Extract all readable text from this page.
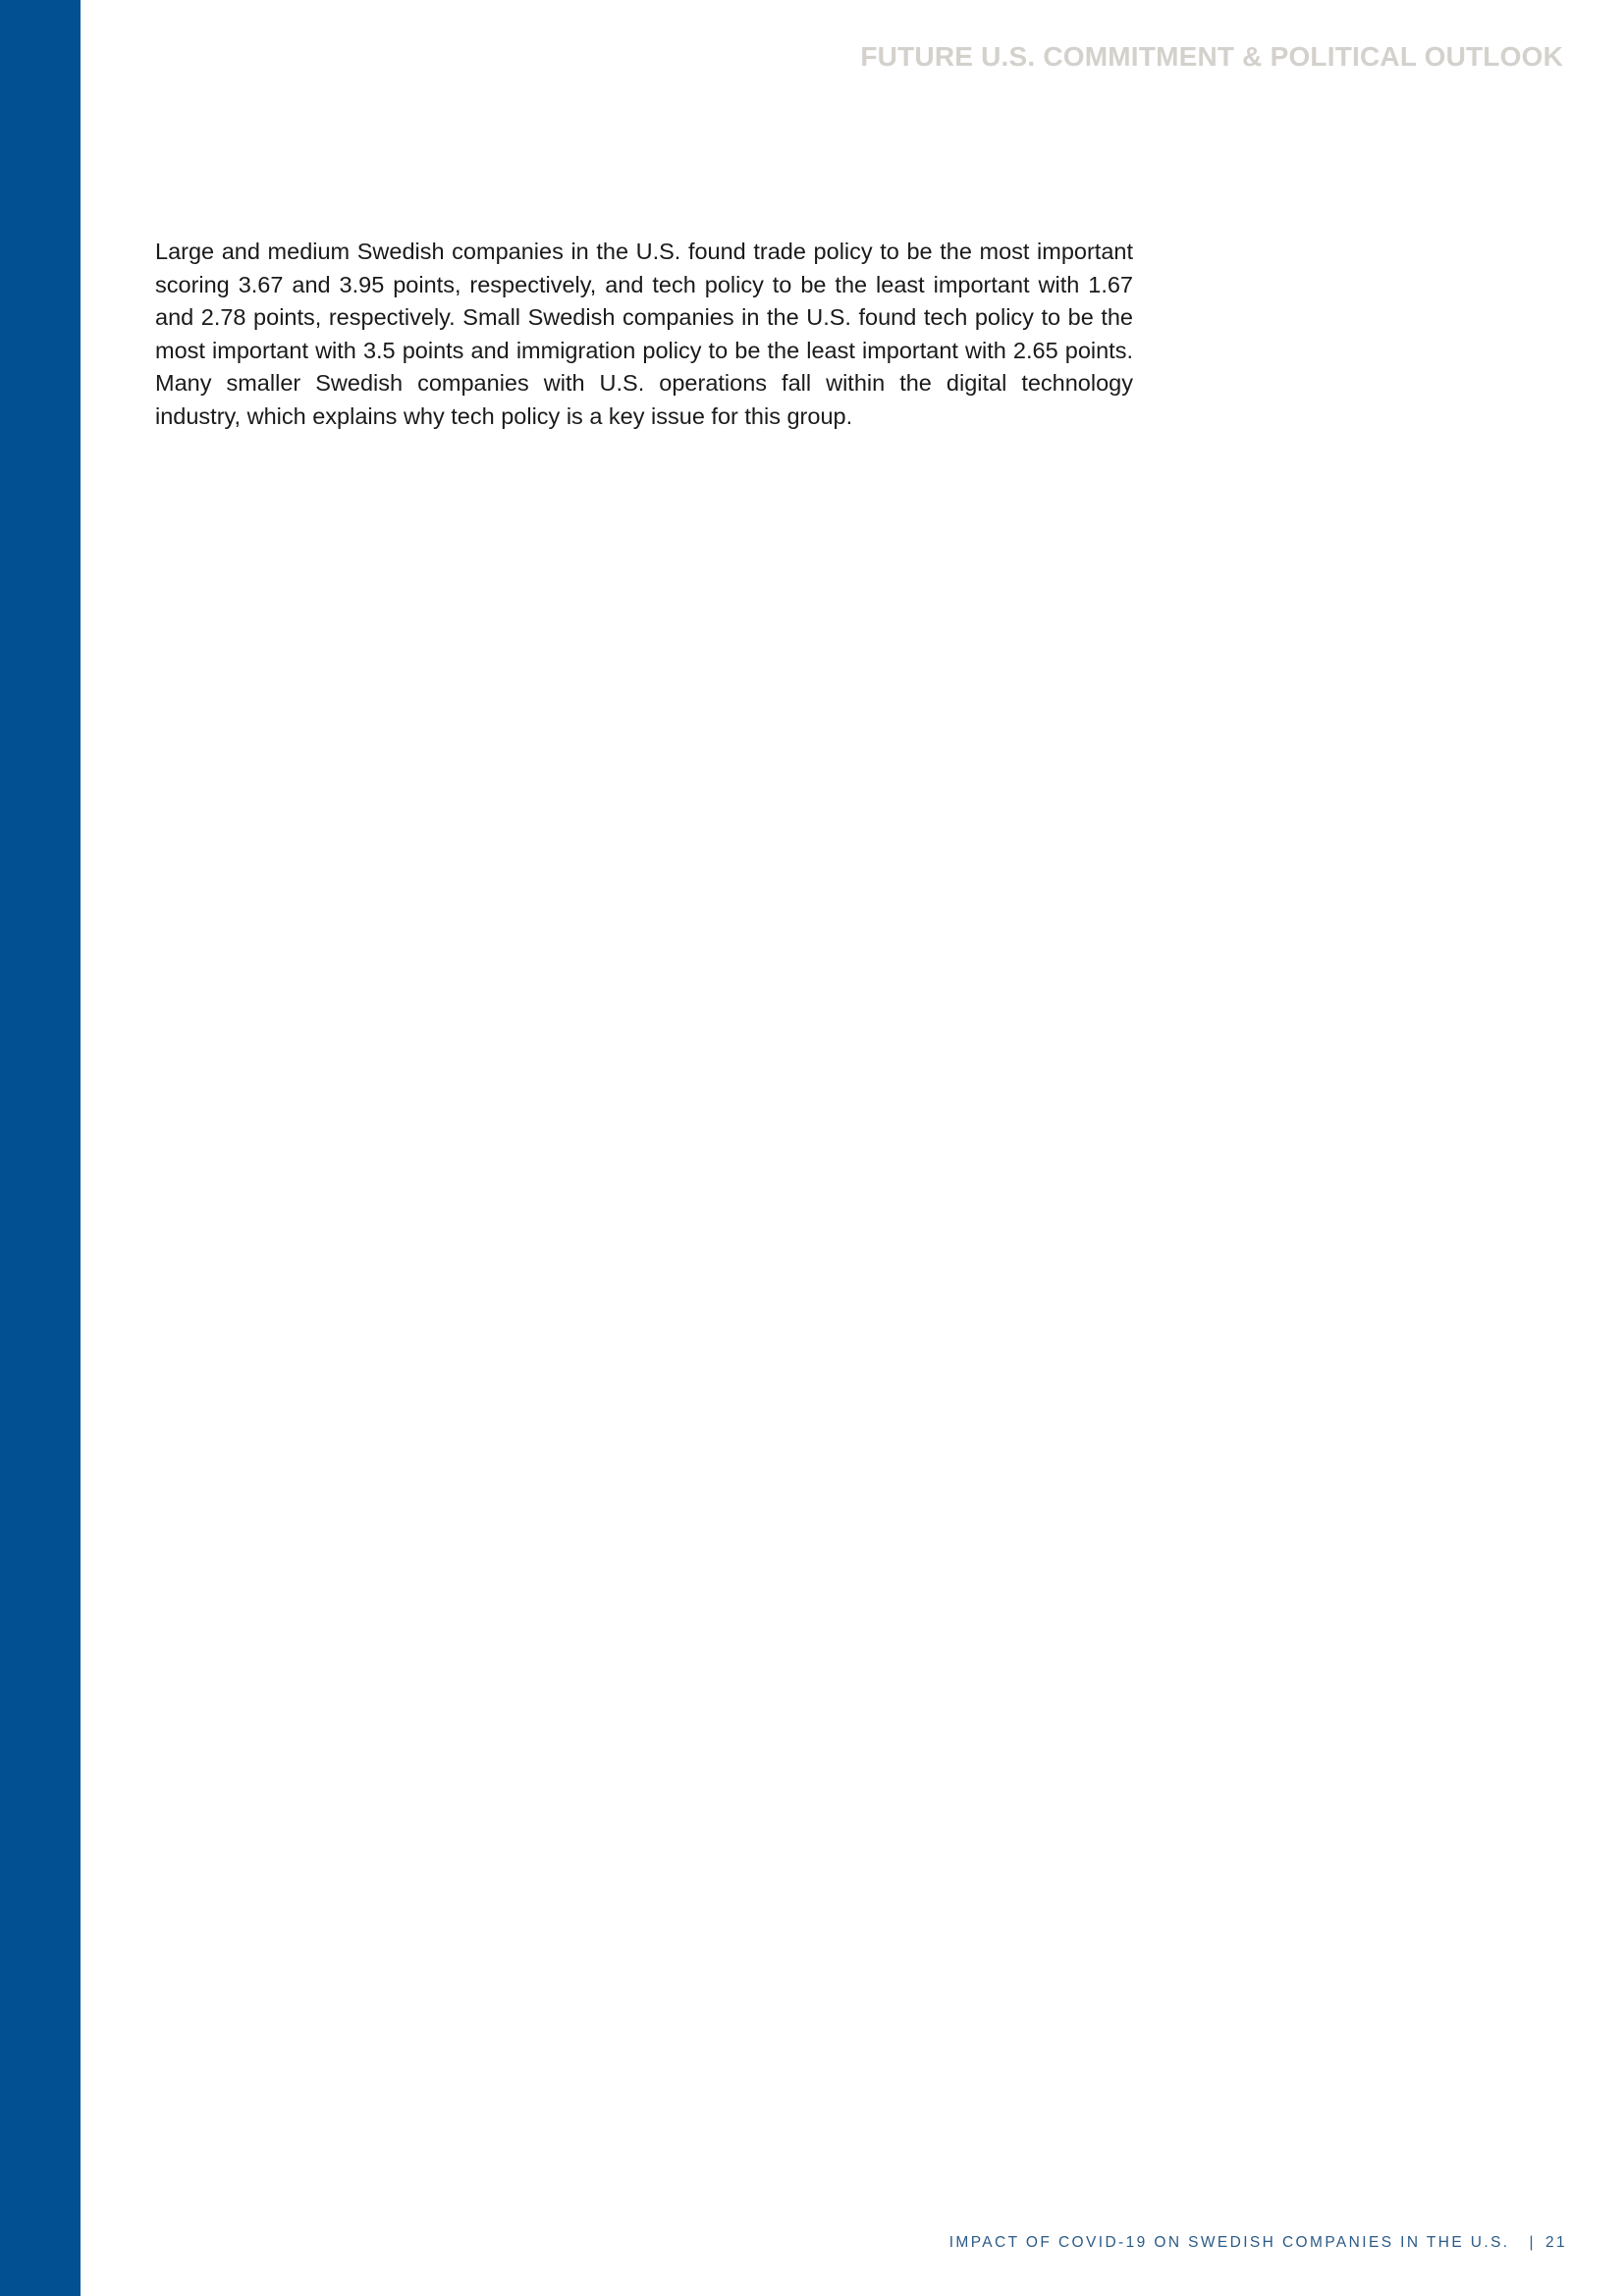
FUTURE U.S. COMMITMENT & POLITICAL OUTLOOK

Large and medium Swedish companies in the U.S. found trade policy to be the most important scoring 3.67 and 3.95 points, respectively, and tech policy to be the least important with 1.67 and 2.78 points, respectively. Small Swedish companies in the U.S. found tech policy to be the most important with 3.5 points and immigration policy to be the least important with 2.65 points. Many smaller Swedish companies with U.S. operations fall within the digital technology industry, which explains why tech policy is a key issue for this group.

IMPACT OF COVID-19 ON SWEDISH COMPANIES IN THE U.S. | 21
